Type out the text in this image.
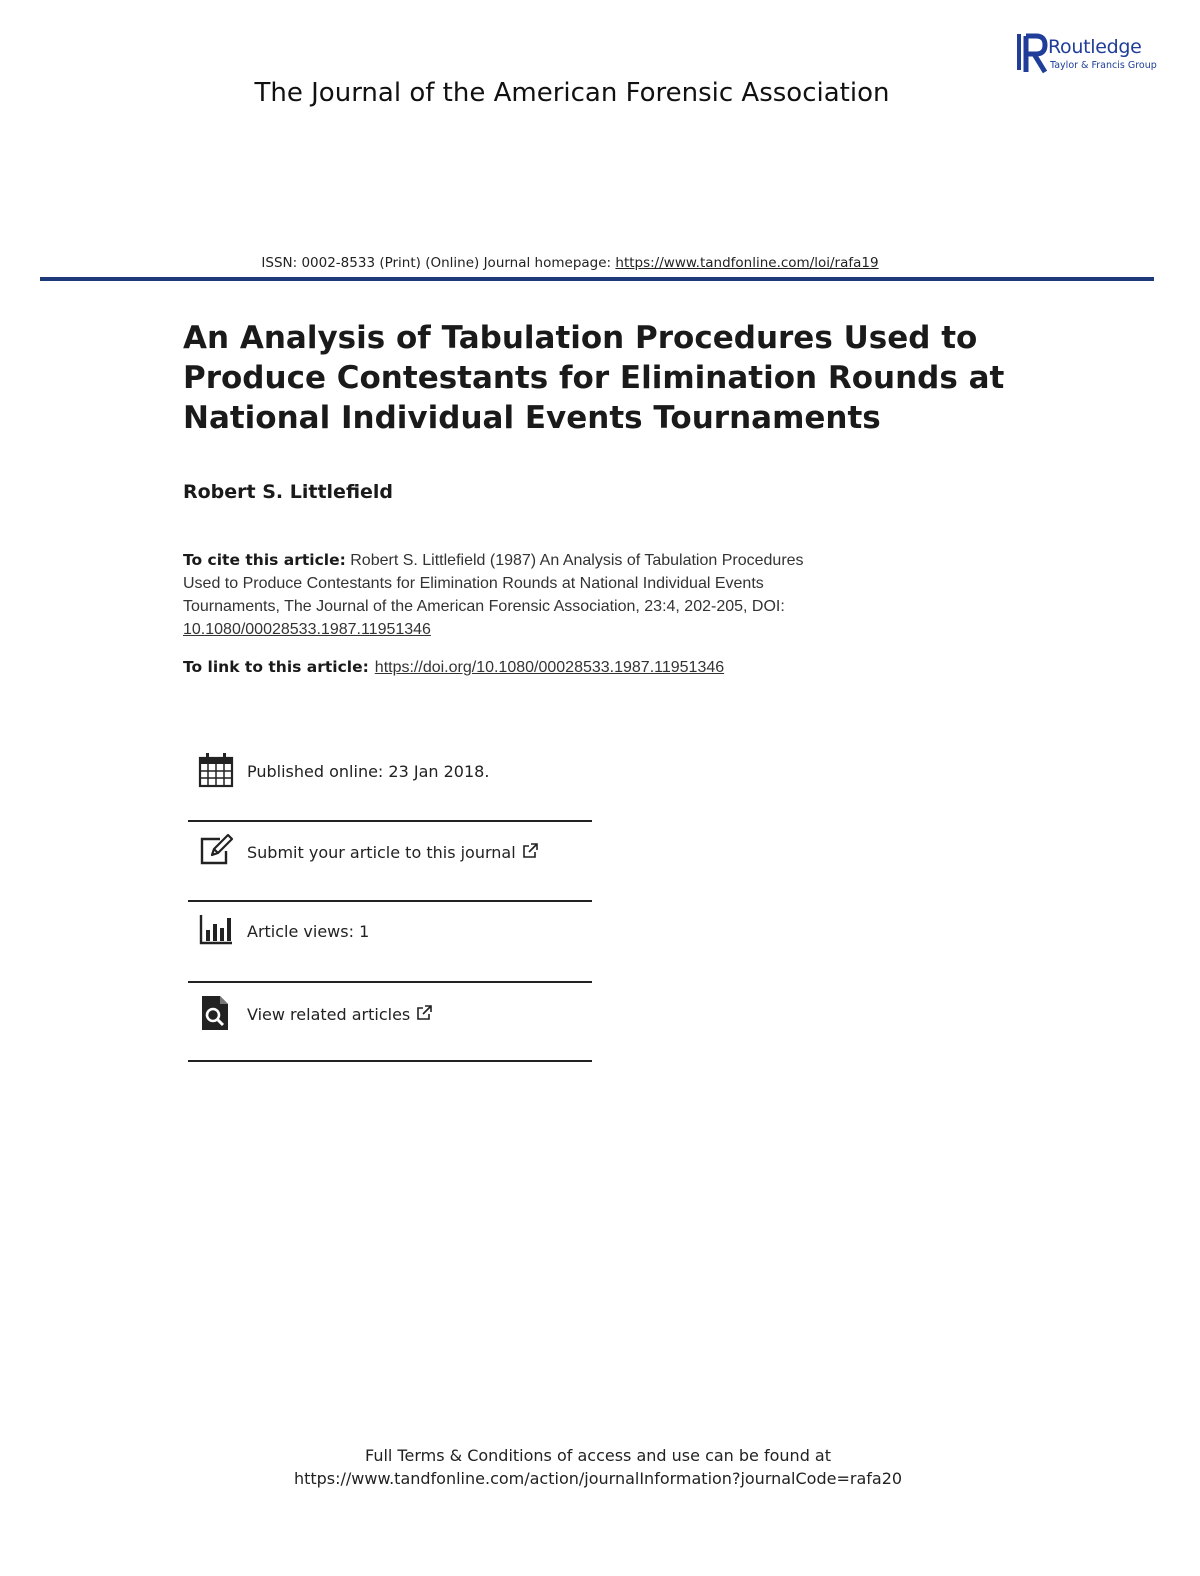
Routledge
Taylor & Francis Group
The Journal of the American Forensic Association
ISSN: 0002-8533 (Print) (Online) Journal homepage: https://www.tandfonline.com/loi/rafa19
An Analysis of Tabulation Procedures Used to
Produce Contestants for Elimination Rounds at
National Individual Events Tournaments
Robert S. Littlefield
To cite this article: Robert S. Littlefield (1987) An Analysis of Tabulation Procedures
Used to Produce Contestants for Elimination Rounds at National Individual Events
Tournaments, The Journal of the American Forensic Association, 23:4, 202-205, DOI:
10.1080/00028533.1987.11951346
To link to this article: https://doi.org/10.1080/00028533.1987.11951346
Published online: 23 Jan 2018.
Submit your article to this journal
Article views: 1
View related articles
Full Terms & Conditions of access and use can be found at
https://www.tandfonline.com/action/journalInformation?journalCode=rafa20
